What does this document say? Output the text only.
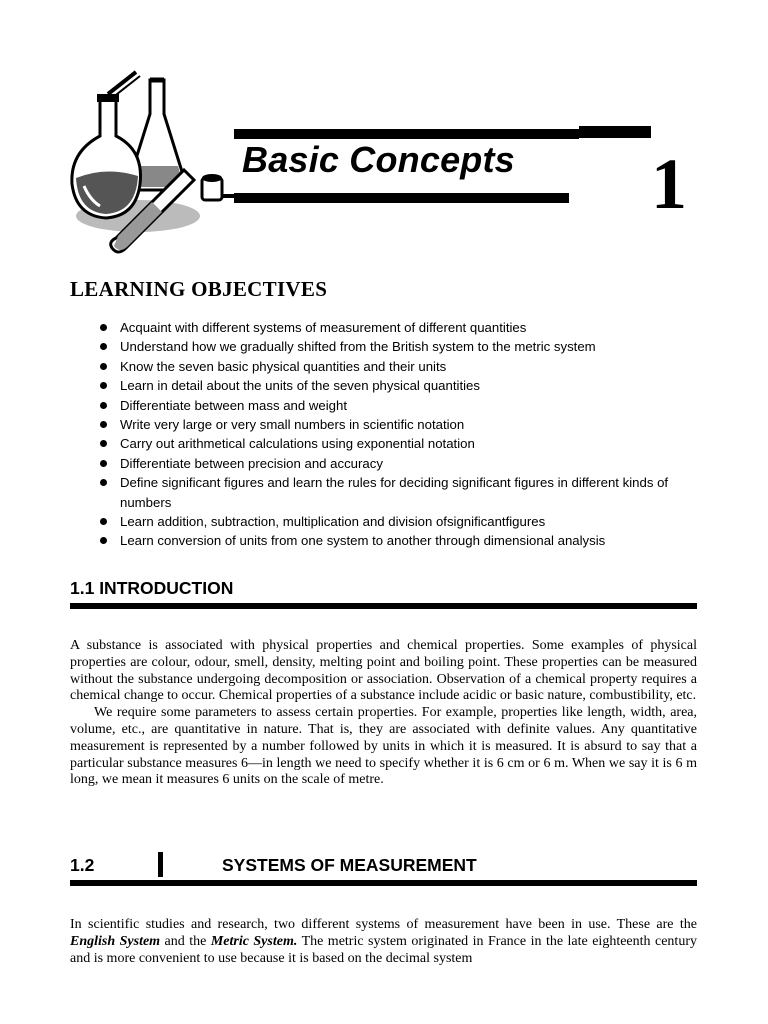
Basic Concepts 1
LEARNING OBJECTIVES
Acquaint with different systems of measurement of different quantities
Understand how we gradually shifted from the British system to the metric system
Know the seven basic physical quantities and their units
Learn in detail about the units of the seven physical quantities
Differentiate between mass and weight
Write very large or very small numbers in scientific notation
Carry out arithmetical calculations using exponential notation
Differentiate between precision and accuracy
Define significant figures and learn the rules for deciding significant figures in different kinds of numbers
Learn addition, subtraction, multiplication and division ofsignificantfigures
Learn conversion of units from one system to another through dimensional analysis
1.1 INTRODUCTION

A substance is associated with physical properties and chemical properties. Some examples of physical properties are colour, odour, smell, density, melting point and boiling point. These properties can be measured without the substance undergoing decomposition or association. Observation of a chemical property requires a chemical change to occur. Chemical properties of a substance include acidic or basic nature, combustibility, etc.

We require some parameters to assess certain properties. For example, properties like length, width, area, volume, etc., are quantitative in nature. That is, they are associated with definite values. Any quantitative measurement is represented by a number followed by units in which it is measured. It is absurd to say that a particular substance measures 6—in length we need to specify whether it is 6 cm or 6 m. When we say it is 6 m long, we mean it measures 6 units on the scale of metre.

1.2	SYSTEMS OF MEASUREMENT

In scientific studies and research, two different systems of measurement have been in use. These are the English System and the Metric System. The metric system originated in France in the late eighteenth century and is more convenient to use because it is based on the decimal system
